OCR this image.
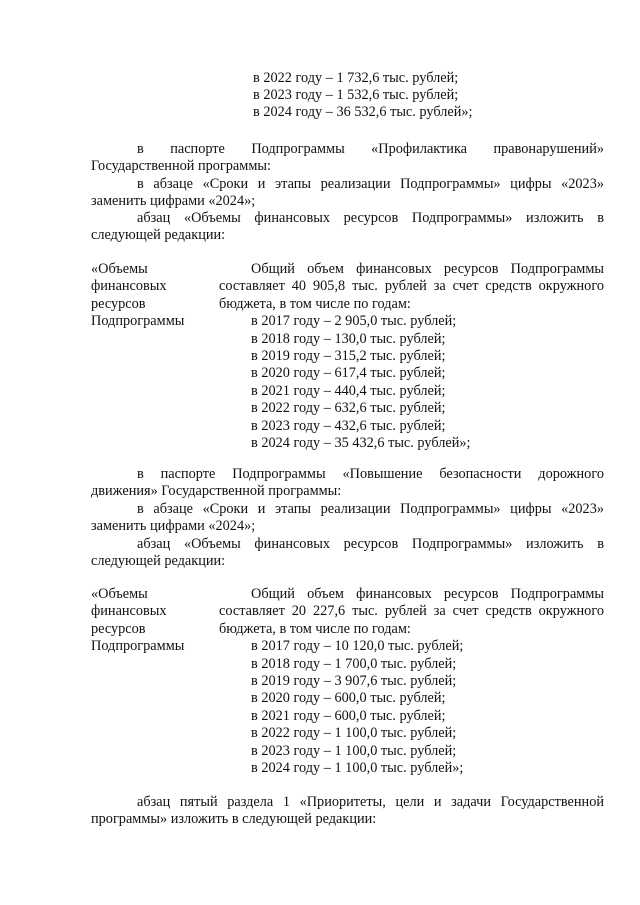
в 2022 году – 1 732,6 тыс. рублей;
в 2023 году – 1 532,6 тыс. рублей;
в 2024 году – 36 532,6 тыс. рублей»;
в паспорте Подпрограммы «Профилактика правонарушений»
Государственной программы:
в абзаце «Сроки и этапы реализации Подпрограммы» цифры «2023»
заменить цифрами «2024»;
абзац «Объемы финансовых ресурсов Подпрограммы» изложить в
следующей редакции:
«Объемы
финансовых
ресурсов
Подпрограммы
Общий объем финансовых ресурсов Подпрограммы
составляет 40 905,8 тыс. рублей за счет средств окружного
бюджета, в том числе по годам:
в 2017 году – 2 905,0 тыс. рублей;
в 2018 году – 130,0 тыс. рублей;
в 2019 году – 315,2 тыс. рублей;
в 2020 году – 617,4 тыс. рублей;
в 2021 году – 440,4 тыс. рублей;
в 2022 году – 632,6 тыс. рублей;
в 2023 году – 432,6 тыс. рублей;
в 2024 году – 35 432,6 тыс. рублей»;
в паспорте Подпрограммы «Повышение безопасности дорожного
движения» Государственной программы:
в абзаце «Сроки и этапы реализации Подпрограммы» цифры «2023»
заменить цифрами «2024»;
абзац «Объемы финансовых ресурсов Подпрограммы» изложить в
следующей редакции:
«Объемы
финансовых
ресурсов
Подпрограммы
Общий объем финансовых ресурсов Подпрограммы
составляет 20 227,6 тыс. рублей за счет средств окружного
бюджета, в том числе по годам:
в 2017 году – 10 120,0 тыс. рублей;
в 2018 году – 1 700,0 тыс. рублей;
в 2019 году – 3 907,6 тыс. рублей;
в 2020 году – 600,0 тыс. рублей;
в 2021 году – 600,0 тыс. рублей;
в 2022 году – 1 100,0 тыс. рублей;
в 2023 году – 1 100,0 тыс. рублей;
в 2024 году – 1 100,0 тыс. рублей»;
абзац пятый раздела 1 «Приоритеты, цели и задачи Государственной
программы» изложить в следующей редакции:
